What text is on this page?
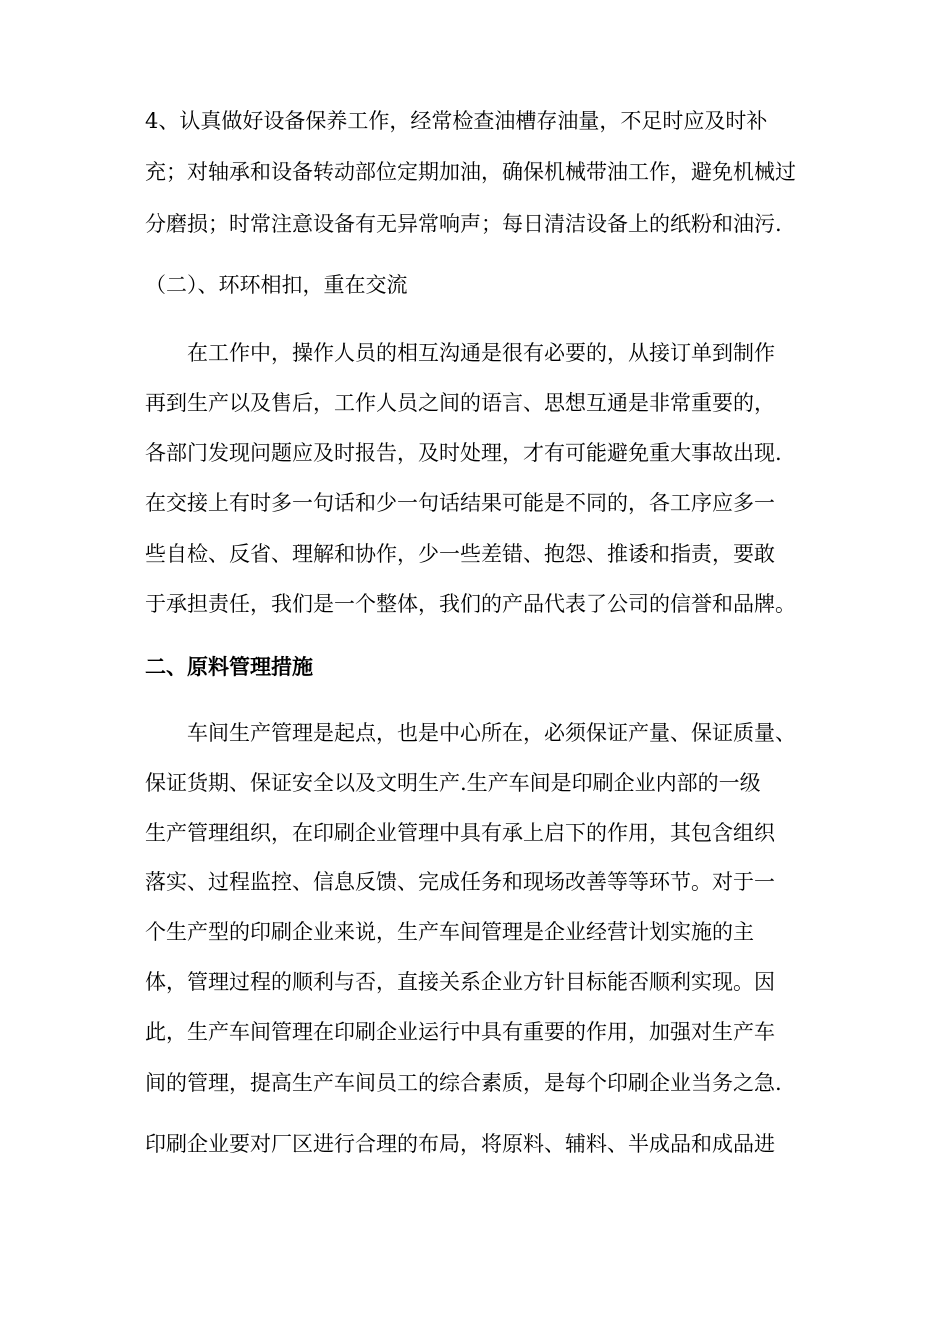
4、认真做好设备保养工作，经常检查油槽存油量，不足时应及时补

充；对轴承和设备转动部位定期加油，确保机械带油工作，避免机械过

分磨损；时常注意设备有无异常响声；每日清洁设备上的纸粉和油污.

（二）、环环相扣，重在交流

在工作中，操作人员的相互沟通是很有必要的，从接订单到制作

再到生产以及售后，工作人员之间的语言、思想互通是非常重要的，

各部门发现问题应及时报告，及时处理，才有可能避免重大事故出现.

在交接上有时多一句话和少一句话结果可能是不同的，各工序应多一

些自检、反省、理解和协作，少一些差错、抱怨、推诿和指责，要敢

于承担责任，我们是一个整体，我们的产品代表了公司的信誉和品牌。

二、原料管理措施

车间生产管理是起点，也是中心所在，必须保证产量、保证质量、

保证货期、保证安全以及文明生产.生产车间是印刷企业内部的一级

生产管理组织，在印刷企业管理中具有承上启下的作用，其包含组织

落实、过程监控、信息反馈、完成任务和现场改善等等环节。对于一

个生产型的印刷企业来说，生产车间管理是企业经营计划实施的主

体，管理过程的顺利与否，直接关系企业方针目标能否顺利实现。因

此，生产车间管理在印刷企业运行中具有重要的作用，加强对生产车

间的管理，提高生产车间员工的综合素质，是每个印刷企业当务之急.

印刷企业要对厂区进行合理的布局，将原料、辅料、半成品和成品进
